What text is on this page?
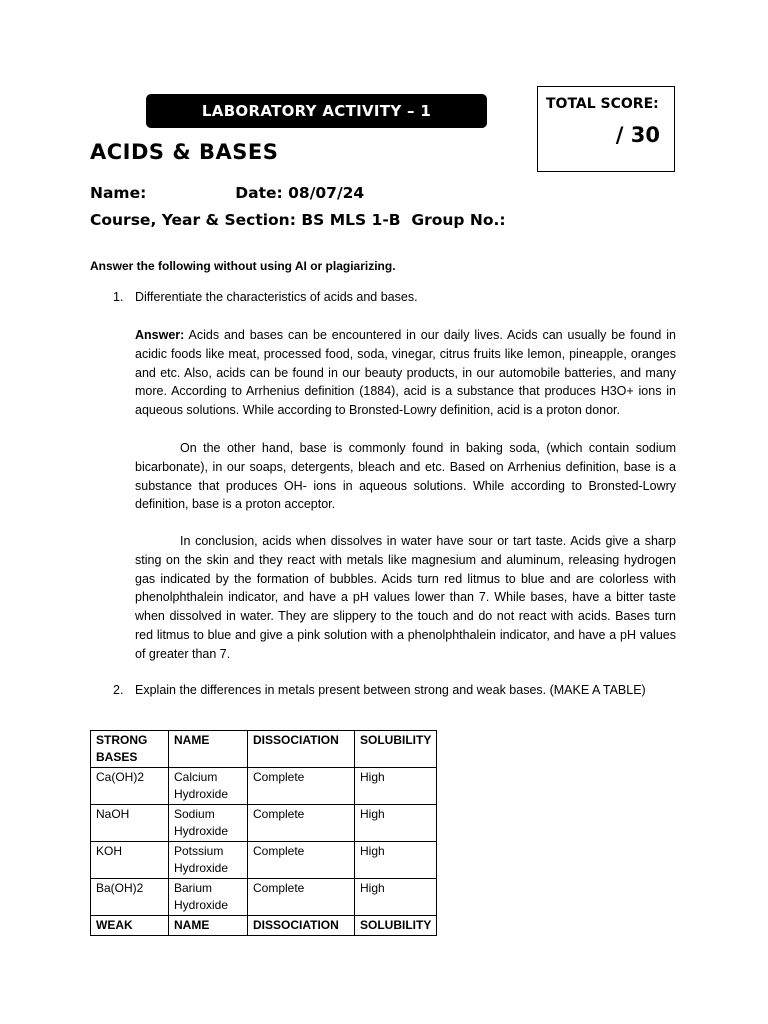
LABORATORY ACTIVITY – 1	TOTAL SCORE:
/ 30
ACIDS & BASES
Name:	Date: 08/07/24
Course, Year & Section: BS MLS 1-B  Group No.:
Answer the following without using AI or plagiarizing.
1. Differentiate the characteristics of acids and bases.

Answer: Acids and bases can be encountered in our daily lives. Acids can usually be found in acidic foods like meat, processed food, soda, vinegar, citrus fruits like lemon, pineapple, oranges and etc. Also, acids can be found in our beauty products, in our automobile batteries, and many more. According to Arrhenius definition (1884), acid is a substance that produces H3O+ ions in aqueous solutions. While according to Bronsted-Lowry definition, acid is a proton donor.

On the other hand, base is commonly found in baking soda, (which contain sodium bicarbonate), in our soaps, detergents, bleach and etc. Based on Arrhenius definition, base is a substance that produces OH- ions in aqueous solutions. While according to Bronsted-Lowry definition, base is a proton acceptor.

In conclusion, acids when dissolves in water have sour or tart taste. Acids give a sharp sting on the skin and they react with metals like magnesium and aluminum, releasing hydrogen gas indicated by the formation of bubbles. Acids turn red litmus to blue and are colorless with phenolphthalein indicator, and have a pH values lower than 7. While bases, have a bitter taste when dissolved in water. They are slippery to the touch and do not react with acids. Bases turn red litmus to blue and give a pink solution with a phenolphthalein indicator, and have a pH values of greater than 7.

2. Explain the differences in metals present between strong and weak bases. (MAKE A TABLE)
STRONG BASES	NAME	DISSOCIATION	SOLUBILITY
Ca(OH)2	Calcium Hydroxide	Complete	High
NaOH	Sodium Hydroxide	Complete	High
KOH	Potssium Hydroxide	Complete	High
Ba(OH)2	Barium Hydroxide	Complete	High
WEAK	NAME	DISSOCIATION	SOLUBILITY
